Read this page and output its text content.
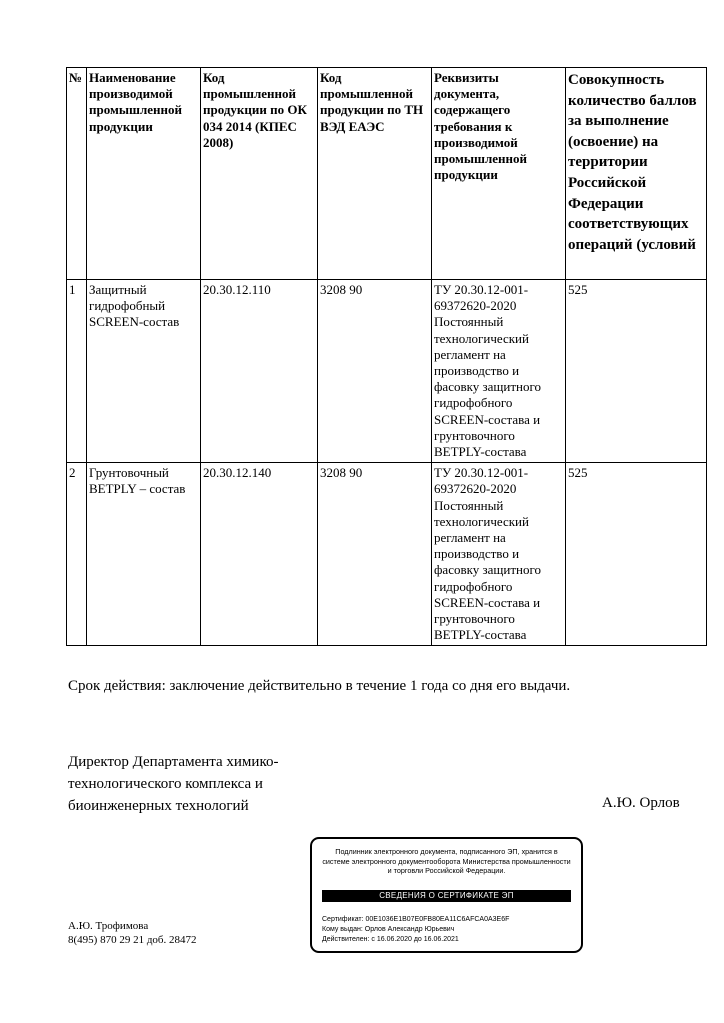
№	Наименование производимой промышленной продукции	Код промышленной продукции по ОК 034 2014 (КПЕС 2008)	Код промышленной продукции по ТН ВЭД ЕАЭС	Реквизиты документа, содержащего требования к производимой промышленной продукции	Совокупность количество баллов за выполнение (освоение) на территории Российской Федерации соответствующих операций (условий

1	Защитный гидрофобный SCREEN-состав	20.30.12.110	3208 90	ТУ 20.30.12-001-69372620-2020 Постоянный технологический регламент на производство и фасовку защитного гидрофобного SCREEN-состава и грунтовочного BETPLY-состава	525
2	Грунтовочный BETPLY – состав	20.30.12.140	3208 90	ТУ 20.30.12-001-69372620-2020 Постоянный технологический регламент на производство и фасовку защитного гидрофобного SCREEN-состава и грунтовочного BETPLY-состава	525
Срок действия: заключение действительно в течение 1 года со дня его выдачи.
Директор Департамента химико-
технологического комплекса и
биоинженерных технологий	А.Ю. Орлов
Подлинник электронного документа, подписанного ЭП, хранится в системе электронного документооборота Министерства промышленности и торговли Российской Федерации.
СВЕДЕНИЯ О СЕРТИФИКАТЕ ЭП
Сертификат: 00E1036E1B07E0FB80EA11C6AFCA0A3E6F
Кому выдан: Орлов Александр Юрьевич
Действителен: с 16.06.2020 до 16.06.2021
А.Ю. Трофимова
8(495) 870 29 21 доб. 28472
